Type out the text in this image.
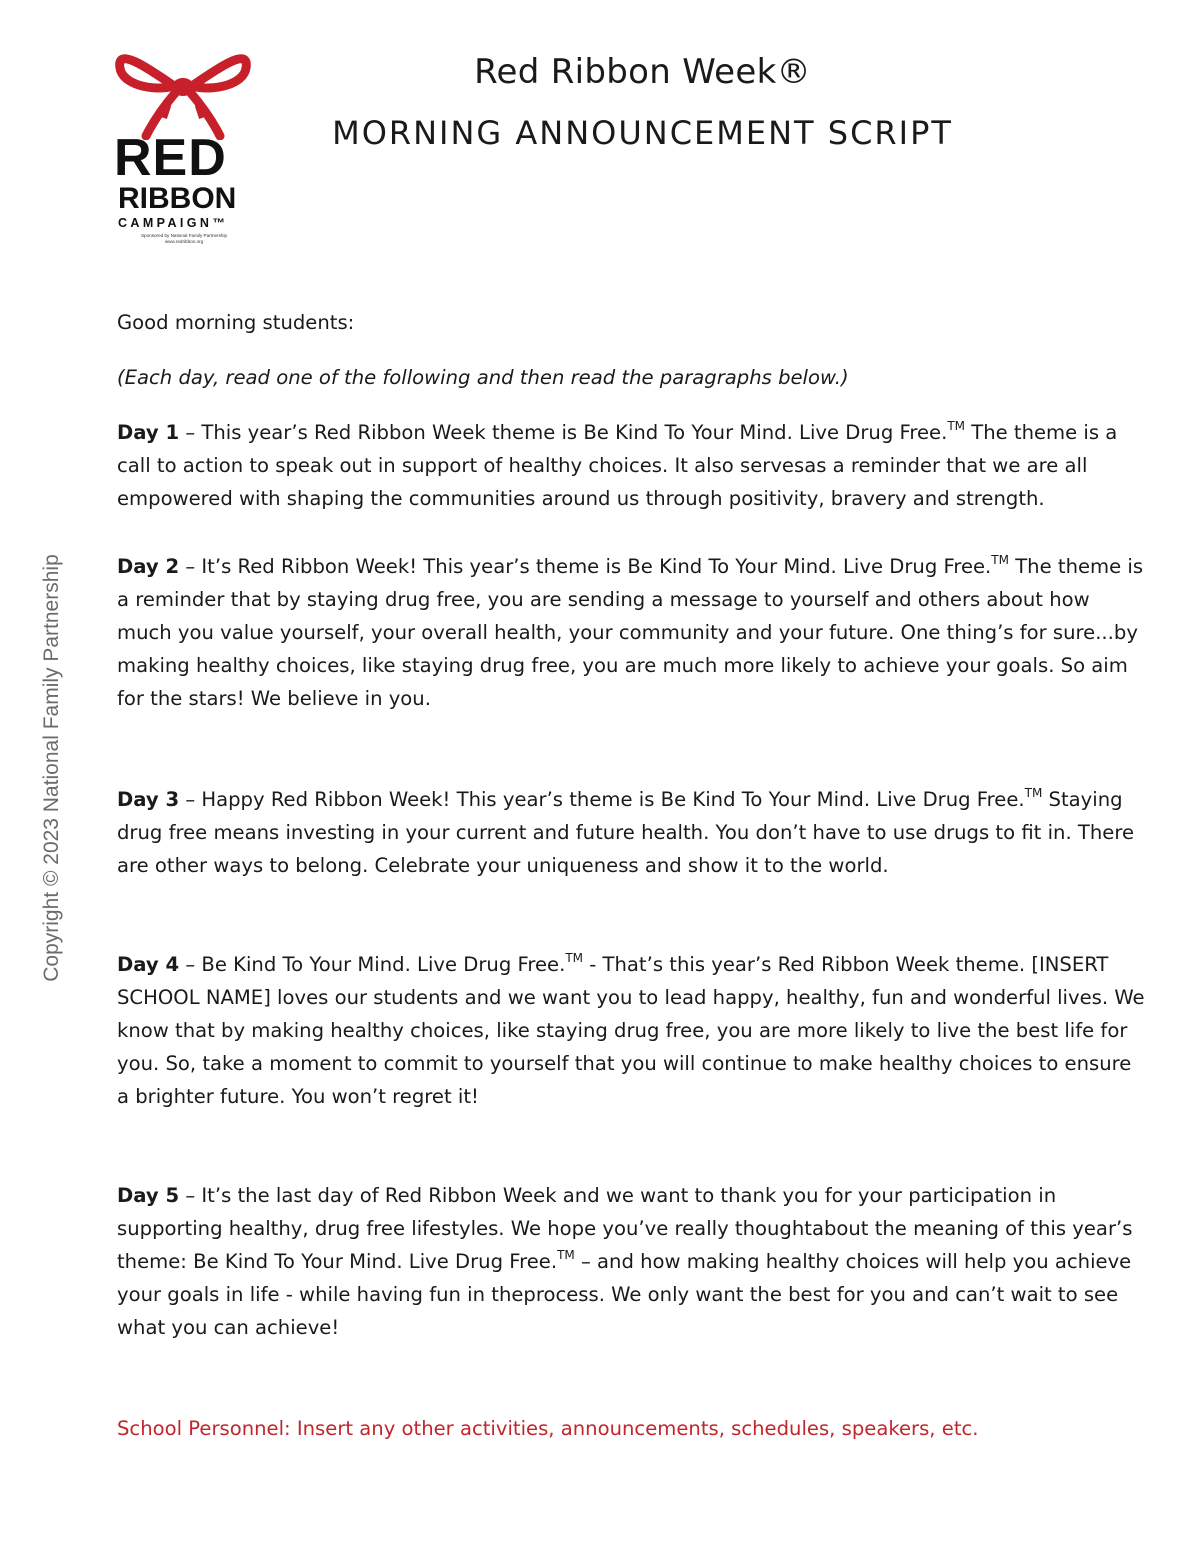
RED
RIBBON
CAMPAIGN™
Sponsored by National Family Partnership www.redribbon.org
Red Ribbon Week®
MORNING ANNOUNCEMENT SCRIPT
Copyright © 2023 National Family Partnership

Good morning students:

(Each day, read one of the following and then read the paragraphs below.)

Day 1 – This year’s Red Ribbon Week theme is Be Kind To Your Mind. Live Drug Free.™ The theme is a call to action to speak out in support of healthy choices. It also servesas a reminder that we are all empowered with shaping the communities around us through positivity, bravery and strength.

Day 2 – It’s Red Ribbon Week! This year’s theme is Be Kind To Your Mind. Live Drug Free.™ The theme is a reminder that by staying drug free, you are sending a message to yourself and others about how much you value yourself, your overall health, your community and your future. One thing’s for sure...by making healthy choices, like staying drug free, you are much more likely to achieve your goals. So aim for the stars! We believe in you.

Day 3 – Happy Red Ribbon Week! This year’s theme is Be Kind To Your Mind. Live Drug Free.™ Staying drug free means investing in your current and future health. You don’t have to use drugs to fit in. There are other ways to belong. Celebrate your uniqueness and show it to the world.

Day 4 – Be Kind To Your Mind. Live Drug Free.™ - That’s this year’s Red Ribbon Week theme. [INSERT SCHOOL NAME] loves our students and we want you to lead happy, healthy, fun and wonderful lives. We know that by making healthy choices, like staying drug free, you are more likely to live the best life for you. So, take a moment to commit to yourself that you will continue to make healthy choices to ensure a brighter future. You won’t regret it!

Day 5 – It’s the last day of Red Ribbon Week and we want to thank you for your participation in supporting healthy, drug free lifestyles. We hope you’ve really thoughtabout the meaning of this year’s theme: Be Kind To Your Mind. Live Drug Free.™ – and how making healthy choices will help you achieve your goals in life - while having fun in theprocess. We only want the best for you and can’t wait to see what you can achieve!

School Personnel: Insert any other activities, announcements, schedules, speakers, etc.
